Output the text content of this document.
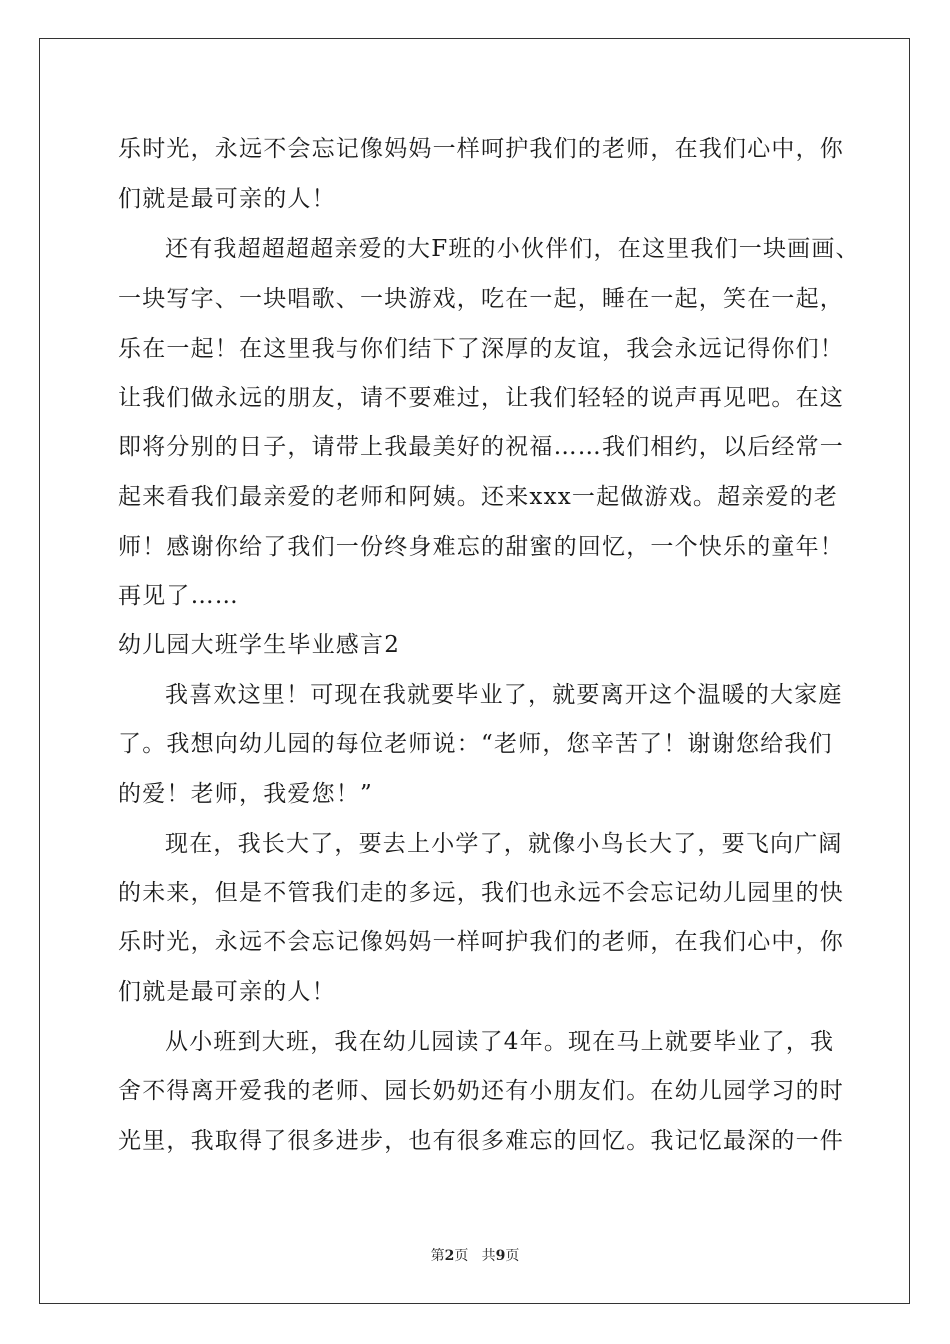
乐时光，永远不会忘记像妈妈一样呵护我们的老师，在我们心中，你
们就是最可亲的人！
还有我超超超超亲爱的大F班的小伙伴们，在这里我们一块画画、
一块写字、一块唱歌、一块游戏，吃在一起，睡在一起，笑在一起，
乐在一起！在这里我与你们结下了深厚的友谊，我会永远记得你们！
让我们做永远的朋友，请不要难过，让我们轻轻的说声再见吧。在这
即将分别的日子，请带上我最美好的祝福……我们相约，以后经常一
起来看我们最亲爱的老师和阿姨。还来xxx一起做游戏。超亲爱的老
师！感谢你给了我们一份终身难忘的甜蜜的回忆，一个快乐的童年！
再见了……
幼儿园大班学生毕业感言2
我喜欢这里！可现在我就要毕业了，就要离开这个温暖的大家庭
了。我想向幼儿园的每位老师说：“老师，您辛苦了！谢谢您给我们
的爱！老师，我爱您！”
现在，我长大了，要去上小学了，就像小鸟长大了，要飞向广阔
的未来，但是不管我们走的多远，我们也永远不会忘记幼儿园里的快
乐时光，永远不会忘记像妈妈一样呵护我们的老师，在我们心中，你
们就是最可亲的人！
从小班到大班，我在幼儿园读了4年。现在马上就要毕业了，我
舍不得离开爱我的老师、园长奶奶还有小朋友们。在幼儿园学习的时
光里，我取得了很多进步，也有很多难忘的回忆。我记忆最深的一件
第2页 共9页
